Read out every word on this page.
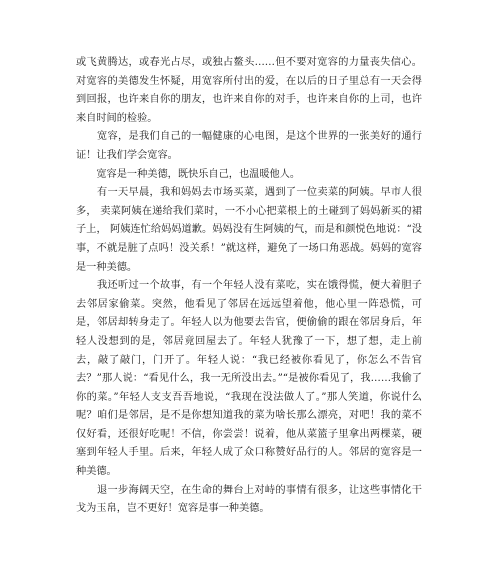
或飞黄腾达，或春光占尽，或独占鳌头……但不要对宽容的力量丧失信心。 对宽容的美德发生怀疑，用宽容所付出的爱，在以后的日子里总有一天会得到回报，也许来自你的朋友，也许来自你的对手，也许来自你的上司，也许来自时间的检验。

　　宽容，是我们自己的一幅健康的心电图，是这个世界的一张美好的通行证！让我们学会宽容。

　　宽容是一种美德，既快乐自己，也温暖他人。

　　有一天早晨，我和妈妈去市场买菜，遇到了一位卖菜的阿姨。早市人很多， 卖菜阿姨在递给我们菜时，一不小心把菜根上的土碰到了妈妈新买的裙子上， 阿姨连忙给妈妈道歉。妈妈没有生阿姨的气，而是和颜悦色地说：“没事，不就是脏了点吗！没关系！”就这样，避免了一场口角恶战。妈妈的宽容是一种美德。

　　我还听过一个故事，有一个年轻人没有菜吃，实在饿得慌，便大着胆子去邻居家偷菜。突然，他看见了邻居在远远望着他，他心里一阵恐慌，可是，邻居却转身走了。年轻人以为他要去告官，便偷偷的跟在邻居身后，年轻人没想到的是，邻居竟回屋去了。年轻人犹豫了一下，想了想，走上前去，敲了敲门，门开了。年轻人说：“我已经被你看见了，你怎么不告官去？”那人说：“看见什么，我一无所没出去。”“是被你看见了，我……我偷了你的菜。”年轻人支支吾吾地说，“我现在没法做人了。”那人笑道，你说什么呢？咱们是邻居，是不是你想知道我的菜为啥长那么漂亮，对吧！我的菜不仅好看，还很好吃呢！不信，你尝尝！说着，他从菜篮子里拿出两棵菜，硬塞到年轻人手里。后来，年轻人成了众口称赞好品行的人。邻居的宽容是一种美德。

　　退一步海阔天空，在生命的舞台上对峙的事情有很多，让这些事情化干戈为玉帛，岂不更好！宽容是事一种美德。
